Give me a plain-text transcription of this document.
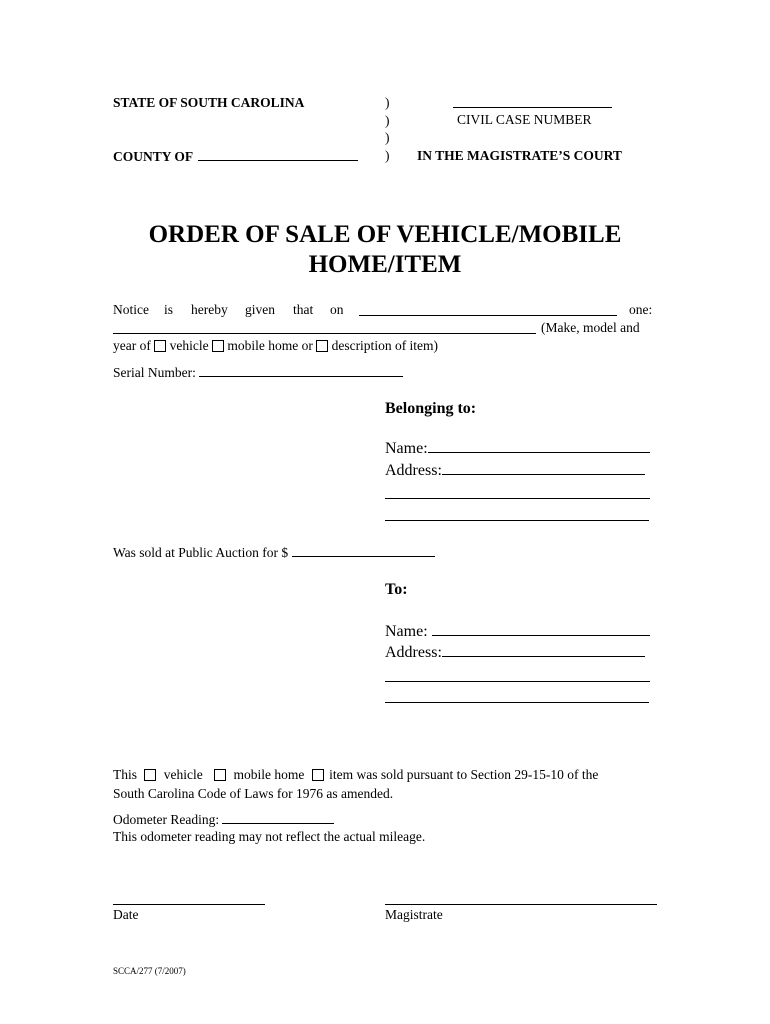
STATE OF SOUTH CAROLINA
COUNTY OF
)
)
)
)
CIVIL CASE NUMBER
IN THE MAGISTRATE’S COURT
ORDER OF SALE OF VEHICLE/MOBILE
HOME/ITEM
Notice is hereby given that on	one:
(Make, model and
year of vehicle mobile home or description of item)
Serial Number:
Belonging to:
Name:
Address:
Was sold at Public Auction for $
To:
Name:
Address:
This vehicle mobile home item was sold pursuant to Section 29-15-10 of the
South Carolina Code of Laws for 1976 as amended.
Odometer Reading:
This odometer reading may not reflect the actual mileage.
Date	Magistrate
SCCA/277 (7/2007)
